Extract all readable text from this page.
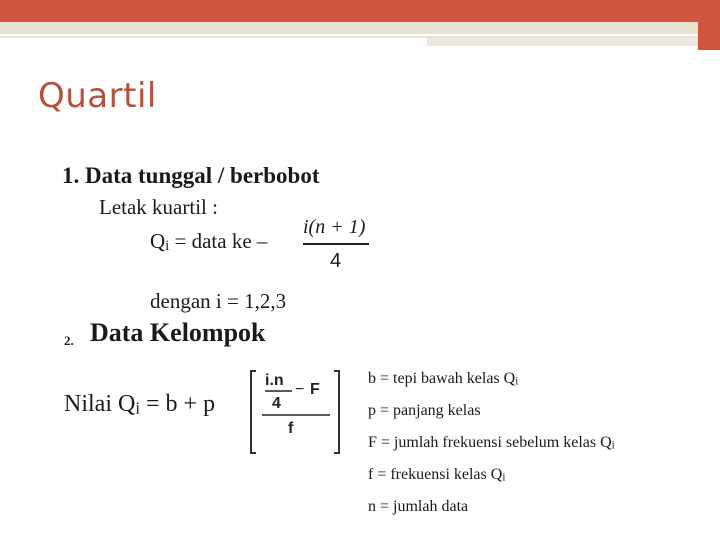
Quartil
1. Data tunggal / berbobot
Letak kuartil :
$Q_i$ = data ke –
i(n + 1)
4
dengan i = 1,2,3
2. Data Kelompok
Nilai $Q_i = b + p$
i.n
4
− F
f
b = tepi bawah kelas $Q_i$
p = panjang kelas
F = jumlah frekuensi sebelum kelas $Q_i$
f = frekuensi kelas $Q_i$
n = jumlah data
